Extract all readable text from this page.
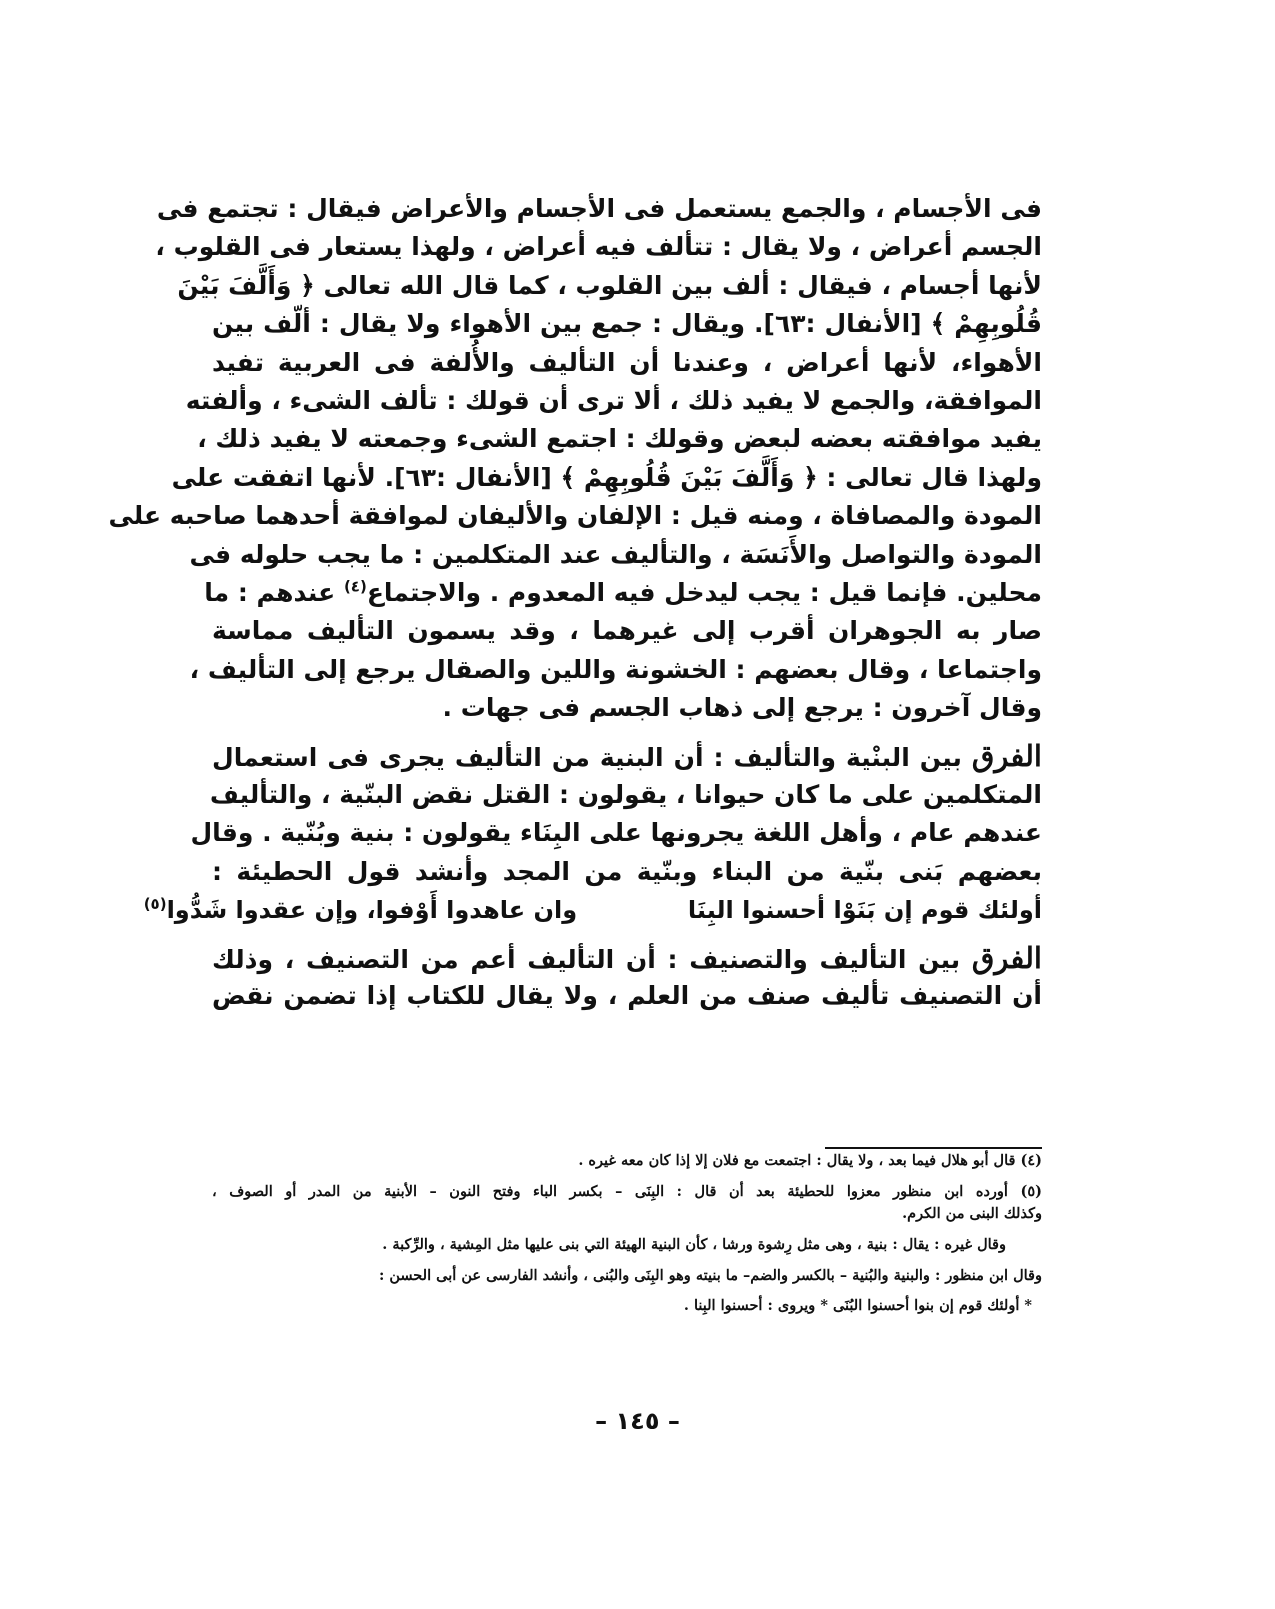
فى الأجسام ، والجمع يستعمل فى الأجسام والأعراض فيقال : تجتمع فى
الجسم أعراض ، ولا يقال : تتألف فيه أعراض ، ولهذا يستعار فى القلوب ،
لأنها أجسام ، فيقال : ألف بين القلوب ، كما قال الله تعالى ﴿ وَأَلَّفَ بَيْنَ
قُلُوبِهِمْ ﴾ [الأنفال :٦٣]. ويقال : جمع بين الأهواء ولا يقال : ألّف بين
الأهواء، لأنها أعراض ، وعندنا أن التأليف والأُلفة فى العربية تفيد
الموافقة، والجمع لا يفيد ذلك ، ألا ترى أن قولك : تألف الشىء ، وألفته
يفيد موافقته بعضه لبعض وقولك : اجتمع الشىء وجمعته لا يفيد ذلك ،
ولهذا قال تعالى : ﴿ وَأَلَّفَ بَيْنَ قُلُوبِهِمْ ﴾ [الأنفال :٦٣]. لأنها اتفقت على
المودة والمصافاة ، ومنه قيل : الإلفان والأليفان لموافقة أحدهما صاحبه على
المودة والتواصل والأَنَسَة ، والتأليف عند المتكلمين : ما يجب حلوله فى
محلين. فإنما قيل : يجب ليدخل فيه المعدوم . والاجتماع$^{(٤)}$ عندهم : ما
صار به الجوهران أقرب إلى غيرهما ، وقد يسمون التأليف مماسة
واجتماعا ، وقال بعضهم : الخشونة واللين والصقال يرجع إلى التأليف ،
وقال آخرون : يرجع إلى ذهاب الجسم فى جهات .
الفرق بين البنْية والتأليف : أن البنية من التأليف يجرى فى استعمال
المتكلمين على ما كان حيوانا ، يقولون : القتل نقض البنّية ، والتأليف
عندهم عام ، وأهل اللغة يجرونها على البِنَاء يقولون : بنية وبُنّية . وقال
بعضهم بَنى بنّية من البناء وبنّية من المجد وأنشد قول الحطيئة :
أولئك قوم إن بَنَوْا أحسنوا البِنَا
وان عاهدوا أَوْفوا، وإن عقدوا شَدُّوا$^{(٥)}$
الفرق بين التأليف والتصنيف : أن التأليف أعم من التصنيف ، وذلك
أن التصنيف تأليف صنف من العلم ، ولا يقال للكتاب إذا تضمن نقض
(٤) قال أبو هلال فيما بعد ، ولا يقال : اجتمعت مع فلان إلا إذا كان معه غيره .
(٥) أورده ابن منظور معزوا للحطيئة بعد أن قال : البِنَى – بكسر الباء وفتح النون – الأبنية من المدر أو الصوف ،
وكذلك البنى من الكرم.
وقال غيره : يقال : بنية ، وهى مثل رِشوة ورشا ، كأن البنية الهيئة التي بنى عليها مثل المِشية ، والرِّكبة .
وقال ابن منظور : والبنية والبُنية – بالكسر والضم– ما بنيته وهو البِنَى والبُنى ، وأنشد الفارسى عن أبى الحسن :
* أولئك قوم إن بنوا أحسنوا البُنَى * ويروى : أحسنوا البِنا .
– ١٤٥ –
